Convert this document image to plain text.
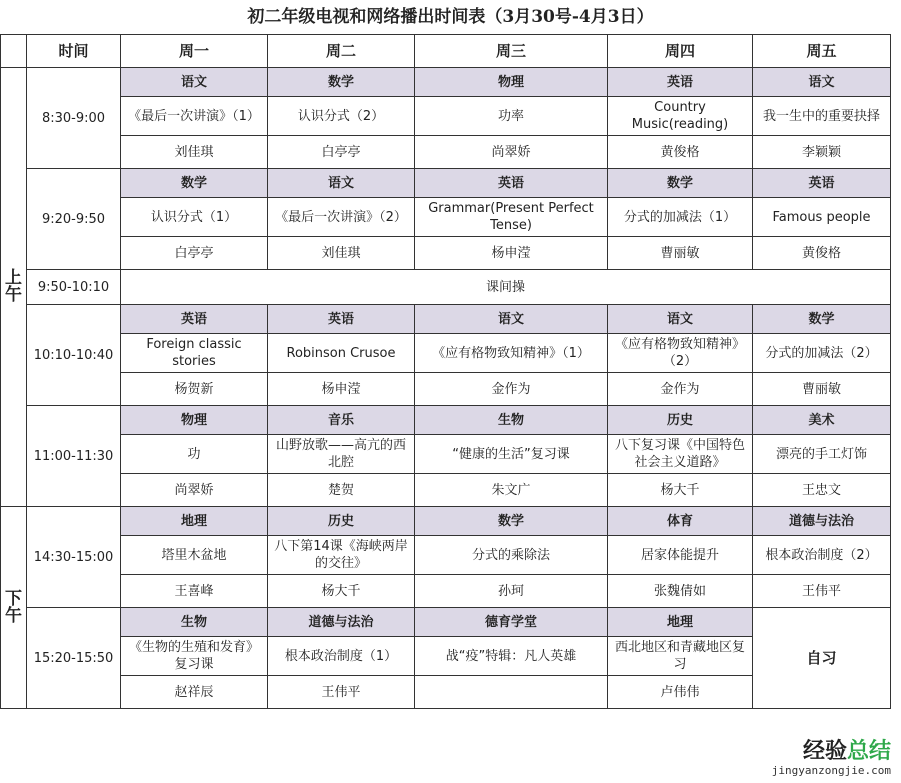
初二年级电视和网络播出时间表（3月30号-4月3日）
	时间	周一	周二	周三	周四	周五
上
午	8:30-9:00	语文	数学	物理	英语	语文
		《最后一次讲演》（1）	认识分式（2）	功率	Country Music(reading)	我一生中的重要抉择
		刘佳琪	白亭亭	尚翠娇	黄俊格	李颖颖
	9:20-9:50	数学	语文	英语	数学	英语
		认识分式（1）	《最后一次讲演》（2）	Grammar(Present Perfect Tense)	分式的加减法（1）	Famous people
		白亭亭	刘佳琪	杨申滢	曹丽敏	黄俊格
	9:50-10:10	课间操				
	10:10-10:40	英语	英语	语文	语文	数学
		Foreign classic stories	Robinson Crusoe	《应有格物致知精神》（1）	《应有格物致知精神》（2）	分式的加减法（2）
		杨贺新	杨申滢	金作为	金作为	曹丽敏
	11:00-11:30	物理	音乐	生物	历史	美术
		功	山野放歌——高亢的西北腔	“健康的生活”复习课	八下复习课《中国特色社会主义道路》	漂亮的手工灯饰
		尚翠娇	楚贺	朱文广	杨大千	王忠文
下
午	14:30-15:00	地理	历史	数学	体育	道德与法治
		塔里木盆地	八下第14课《海峡两岸的交往》	分式的乘除法	居家体能提升	根本政治制度（2）
		王喜峰	杨大千	孙珂	张魏倩如	王伟平
	15:20-15:50	生物	道德与法治	德育学堂	地理	自习
		《生物的生殖和发育》复习课	根本政治制度（1）	战“疫”特辑：凡人英雄	西北地区和青藏地区复习	
		赵祥辰	王伟平		卢伟伟	
经验总结
jingyanzongjie.com
